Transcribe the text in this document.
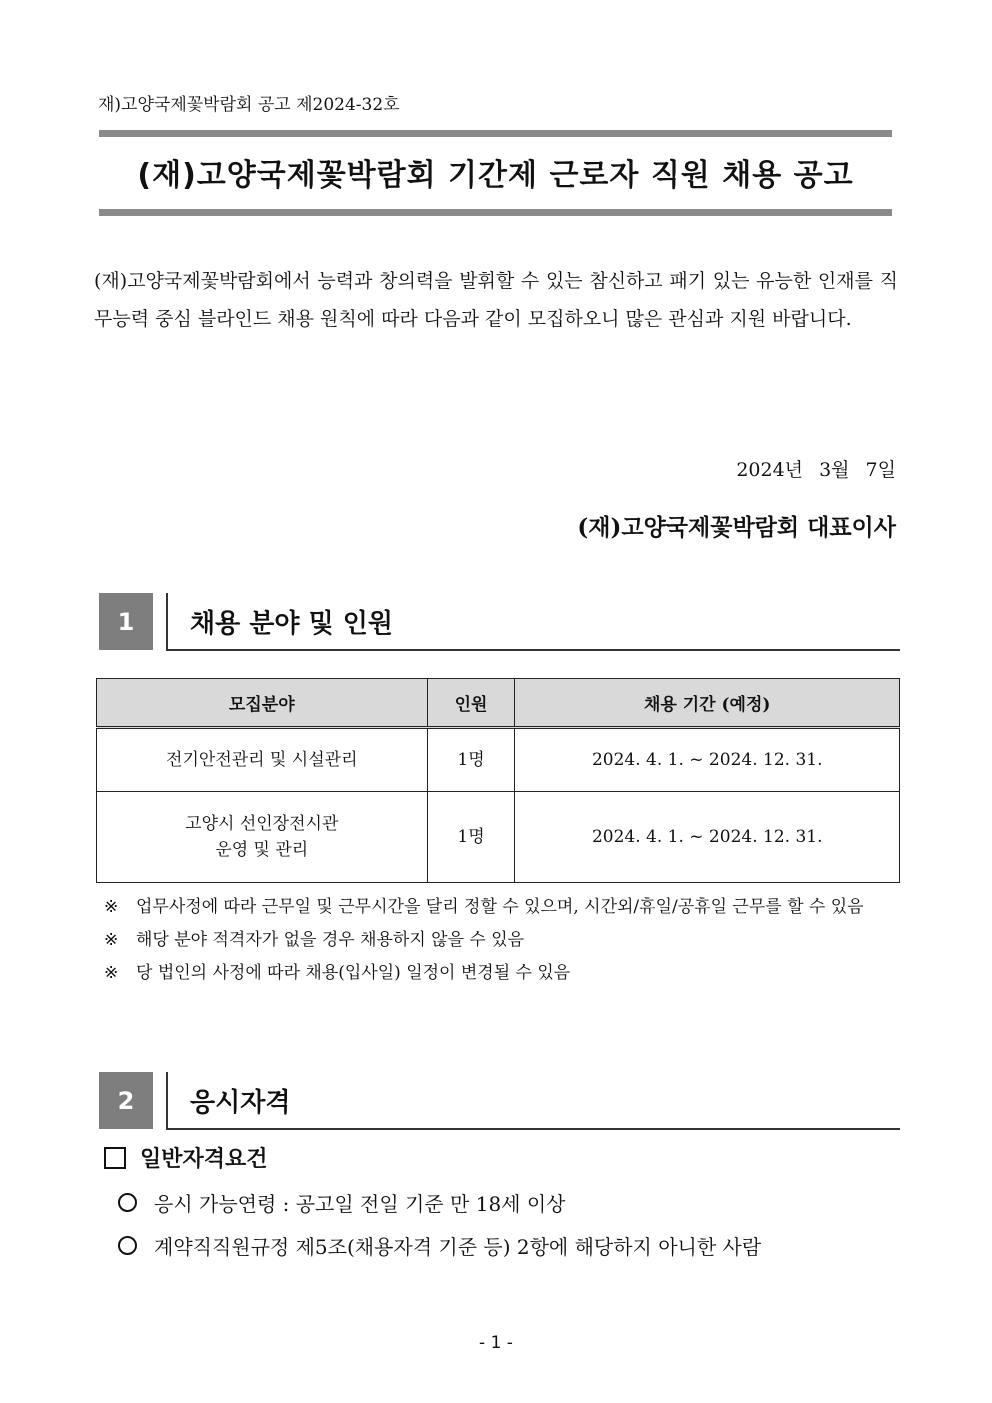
재)고양국제꽃박람회 공고 제2024-32호
(재)고양국제꽃박람회 기간제 근로자 직원 채용 공고
(재)고양국제꽃박람회에서 능력과 창의력을 발휘할 수 있는 참신하고 패기 있는 유능한 인재를 직무능력 중심 블라인드 채용 원칙에 따라 다음과 같이 모집하오니 많은 관심과 지원 바랍니다.
2024년 3월 7일
(재)고양국제꽃박람회 대표이사
1	채용 분야 및 인원
모집분야	인원	채용 기간 (예정)
전기안전관리 및 시설관리	1명	2024. 4. 1. ~ 2024. 12. 31.

고양시 선인장전시관
운영 및 관리	1명	2024. 4. 1. ~ 2024. 12. 31.
※	업무사정에 따라 근무일 및 근무시간을 달리 정할 수 있으며, 시간외/휴일/공휴일 근무를 할 수 있음
※	해당 분야 적격자가 없을 경우 채용하지 않을 수 있음
※	당 법인의 사정에 따라 채용(입사일) 일정이 변경될 수 있음
2	응시자격
일반자격요건
응시 가능연령 : 공고일 전일 기준 만 18세 이상
계약직직원규정 제5조(채용자격 기준 등) 2항에 해당하지 아니한 사람
- 1 -
